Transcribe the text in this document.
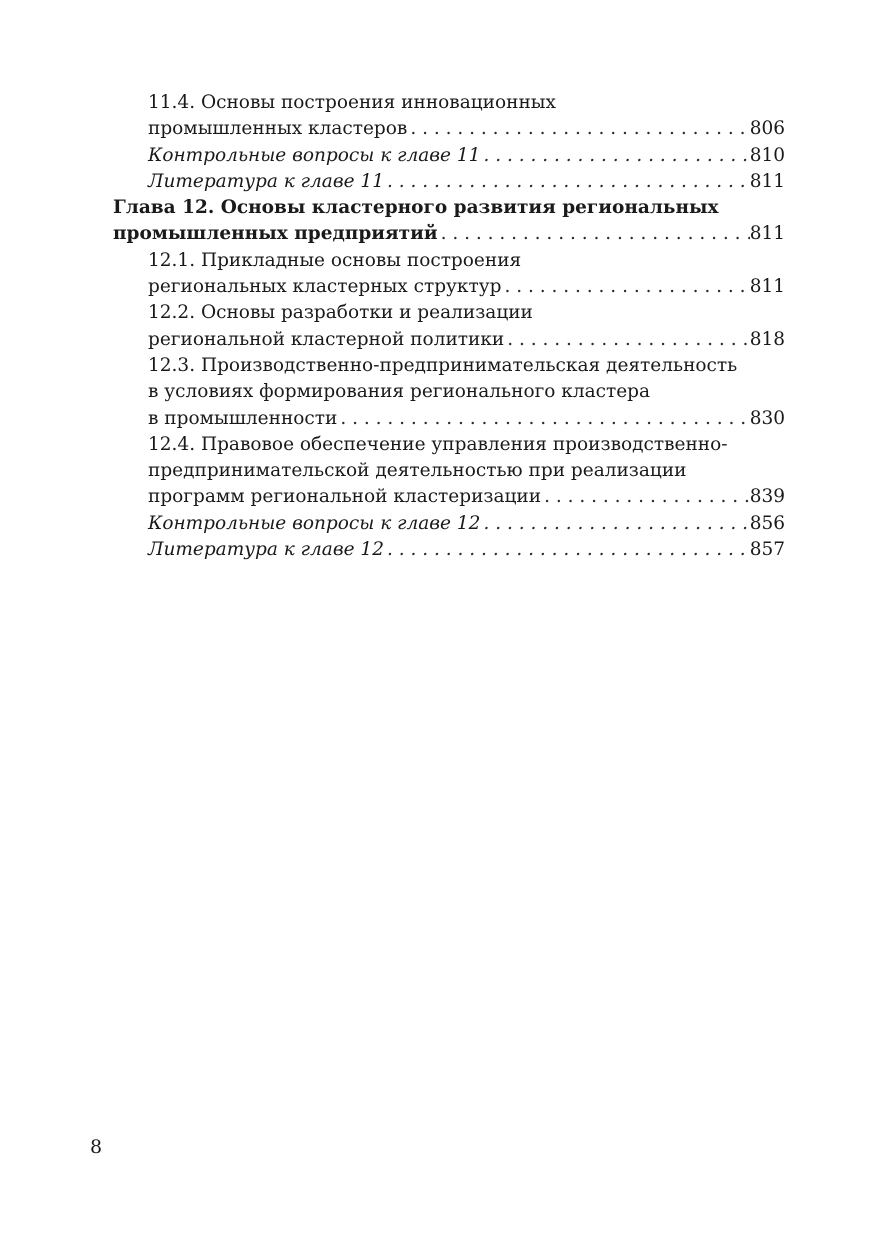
11.4. Основы построения инновационных
промышленных кластеров . . .	806
Контрольные вопросы к главе 11 . . .	810
Литература к главе 11 . . .	811
Глава 12. Основы кластерного развития региональных
промышленных предприятий . . .	811
12.1. Прикладные основы построения
региональных кластерных структур . . .	811
12.2. Основы разработки и реализации
региональной кластерной политики . . .	818
12.3. Производственно-предпринимательская деятельность
в условиях формирования регионального кластера
в промышленности . . .	830
12.4. Правовое обеспечение управления производственно-
предпринимательской деятельностью при реализации
программ региональной кластеризации . . .	839
Контрольные вопросы к главе 12 . . .	856
Литература к главе 12 . . .	857
8
